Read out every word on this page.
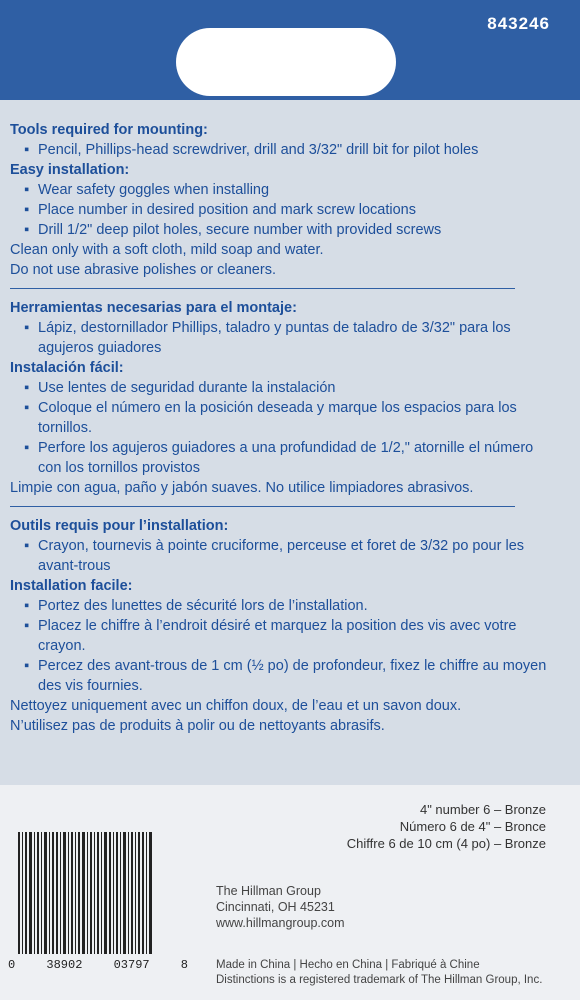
843246
Tools required for mounting:
▪ Pencil, Phillips-head screwdriver, drill and 3/32" drill bit for pilot holes
Easy installation:
▪ Wear safety goggles when installing
▪ Place number in desired position and mark screw locations
▪ Drill 1/2" deep pilot holes, secure number with provided screws
Clean only with a soft cloth, mild soap and water.
Do not use abrasive polishes or cleaners.
Herramientas necesarias para el montaje:
▪ Lápiz, destornillador Phillips, taladro y puntas de taladro de 3/32" para los agujeros guiadores
Instalación fácil:
▪ Use lentes de seguridad durante la instalación
▪ Coloque el número en la posición deseada y marque los espacios para los tornillos.
▪ Perfore los agujeros guiadores a una profundidad de 1/2," atornille el número con los tornillos provistos
Limpie con agua, paño y jabón suaves. No utilice limpiadores abrasivos.
Outils requis pour l’installation:
▪ Crayon, tournevis à pointe cruciforme, perceuse et foret de 3/32 po pour les avant-trous
Installation facile:
▪ Portez des lunettes de sécurité lors de l’installation.
▪ Placez le chiffre à l’endroit désiré et marquez la position des vis avec votre crayon.
▪ Percez des avant-trous de 1 cm (½ po) de profondeur, fixez le chiffre au moyen des vis fournies.
Nettoyez uniquement avec un chiffon doux, de l’eau et un savon doux.
N’utilisez pas de produits à polir ou de nettoyants abrasifs.
4" number 6 – Bronze
Número 6 de 4" – Bronce
Chiffre 6 de 10 cm (4 po) – Bronze
0	38902	03797	8
The Hillman Group
Cincinnati, OH 45231
www.hillmangroup.com
Made in China | Hecho en China | Fabriqué à Chine
Distinctions is a registered trademark of The Hillman Group, Inc.
